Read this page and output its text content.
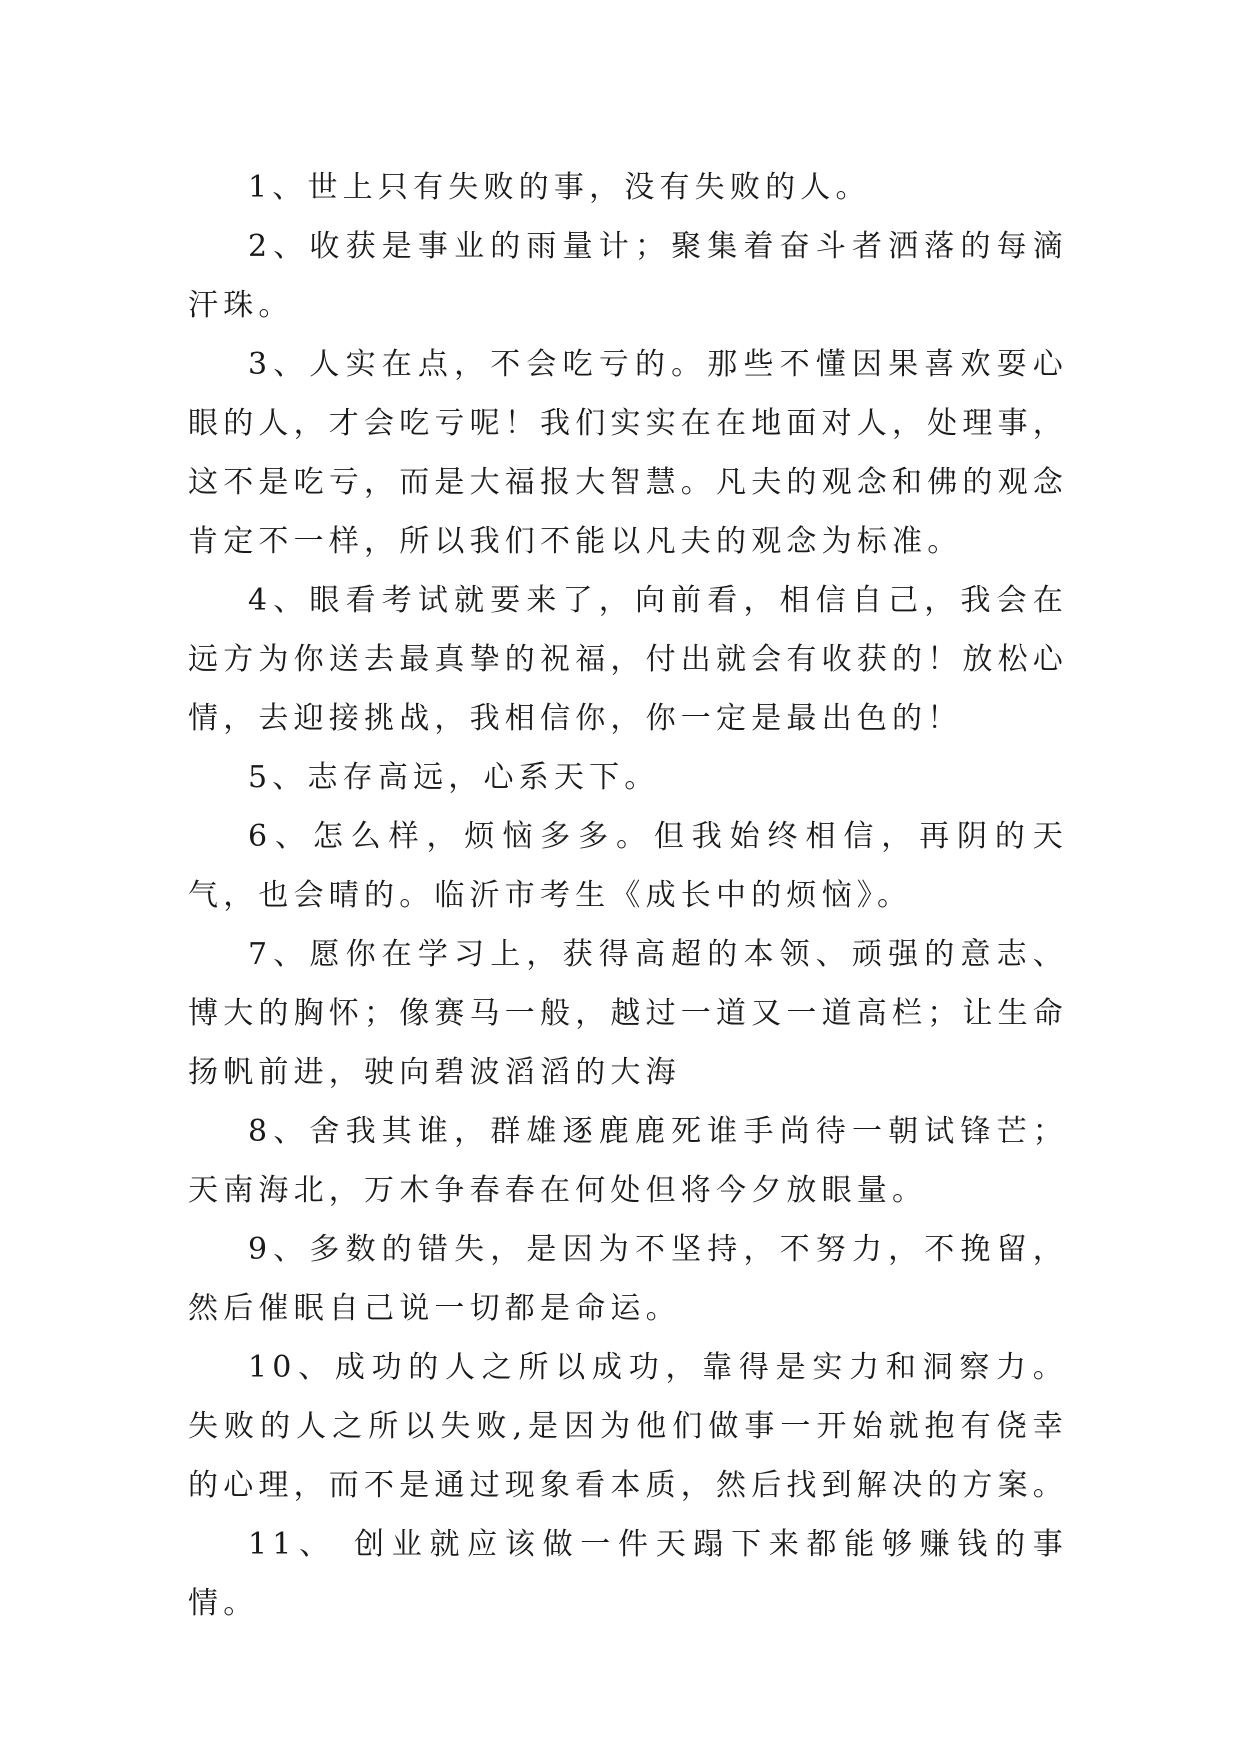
1、世上只有失败的事，没有失败的人。

2、收获是事业的雨量计；聚集着奋斗者洒落的每滴汗珠。

3、人实在点，不会吃亏的。那些不懂因果喜欢耍心眼的人，才会吃亏呢！我们实实在在地面对人，处理事，这不是吃亏，而是大福报大智慧。凡夫的观念和佛的观念肯定不一样，所以我们不能以凡夫的观念为标准。

4、眼看考试就要来了，向前看，相信自己，我会在远方为你送去最真挚的祝福，付出就会有收获的！放松心情，去迎接挑战，我相信你，你一定是最出色的！

5、志存高远，心系天下。

6、怎么样，烦恼多多。但我始终相信，再阴的天气，也会晴的。临沂市考生《成长中的烦恼》。

7、愿你在学习上，获得高超的本领、顽强的意志、博大的胸怀；像赛马一般，越过一道又一道高栏；让生命扬帆前进，驶向碧波滔滔的大海

8、舍我其谁，群雄逐鹿鹿死谁手尚待一朝试锋芒；天南海北，万木争春春在何处但将今夕放眼量。

9、多数的错失，是因为不坚持，不努力，不挽留，然后催眠自己说一切都是命运。

10、成功的人之所以成功，靠得是实力和洞察力。失败的人之所以失败,是因为他们做事一开始就抱有侥幸的心理，而不是通过现象看本质，然后找到解决的方案。

11、 创业就应该做一件天蹋下来都能够赚钱的事情。
